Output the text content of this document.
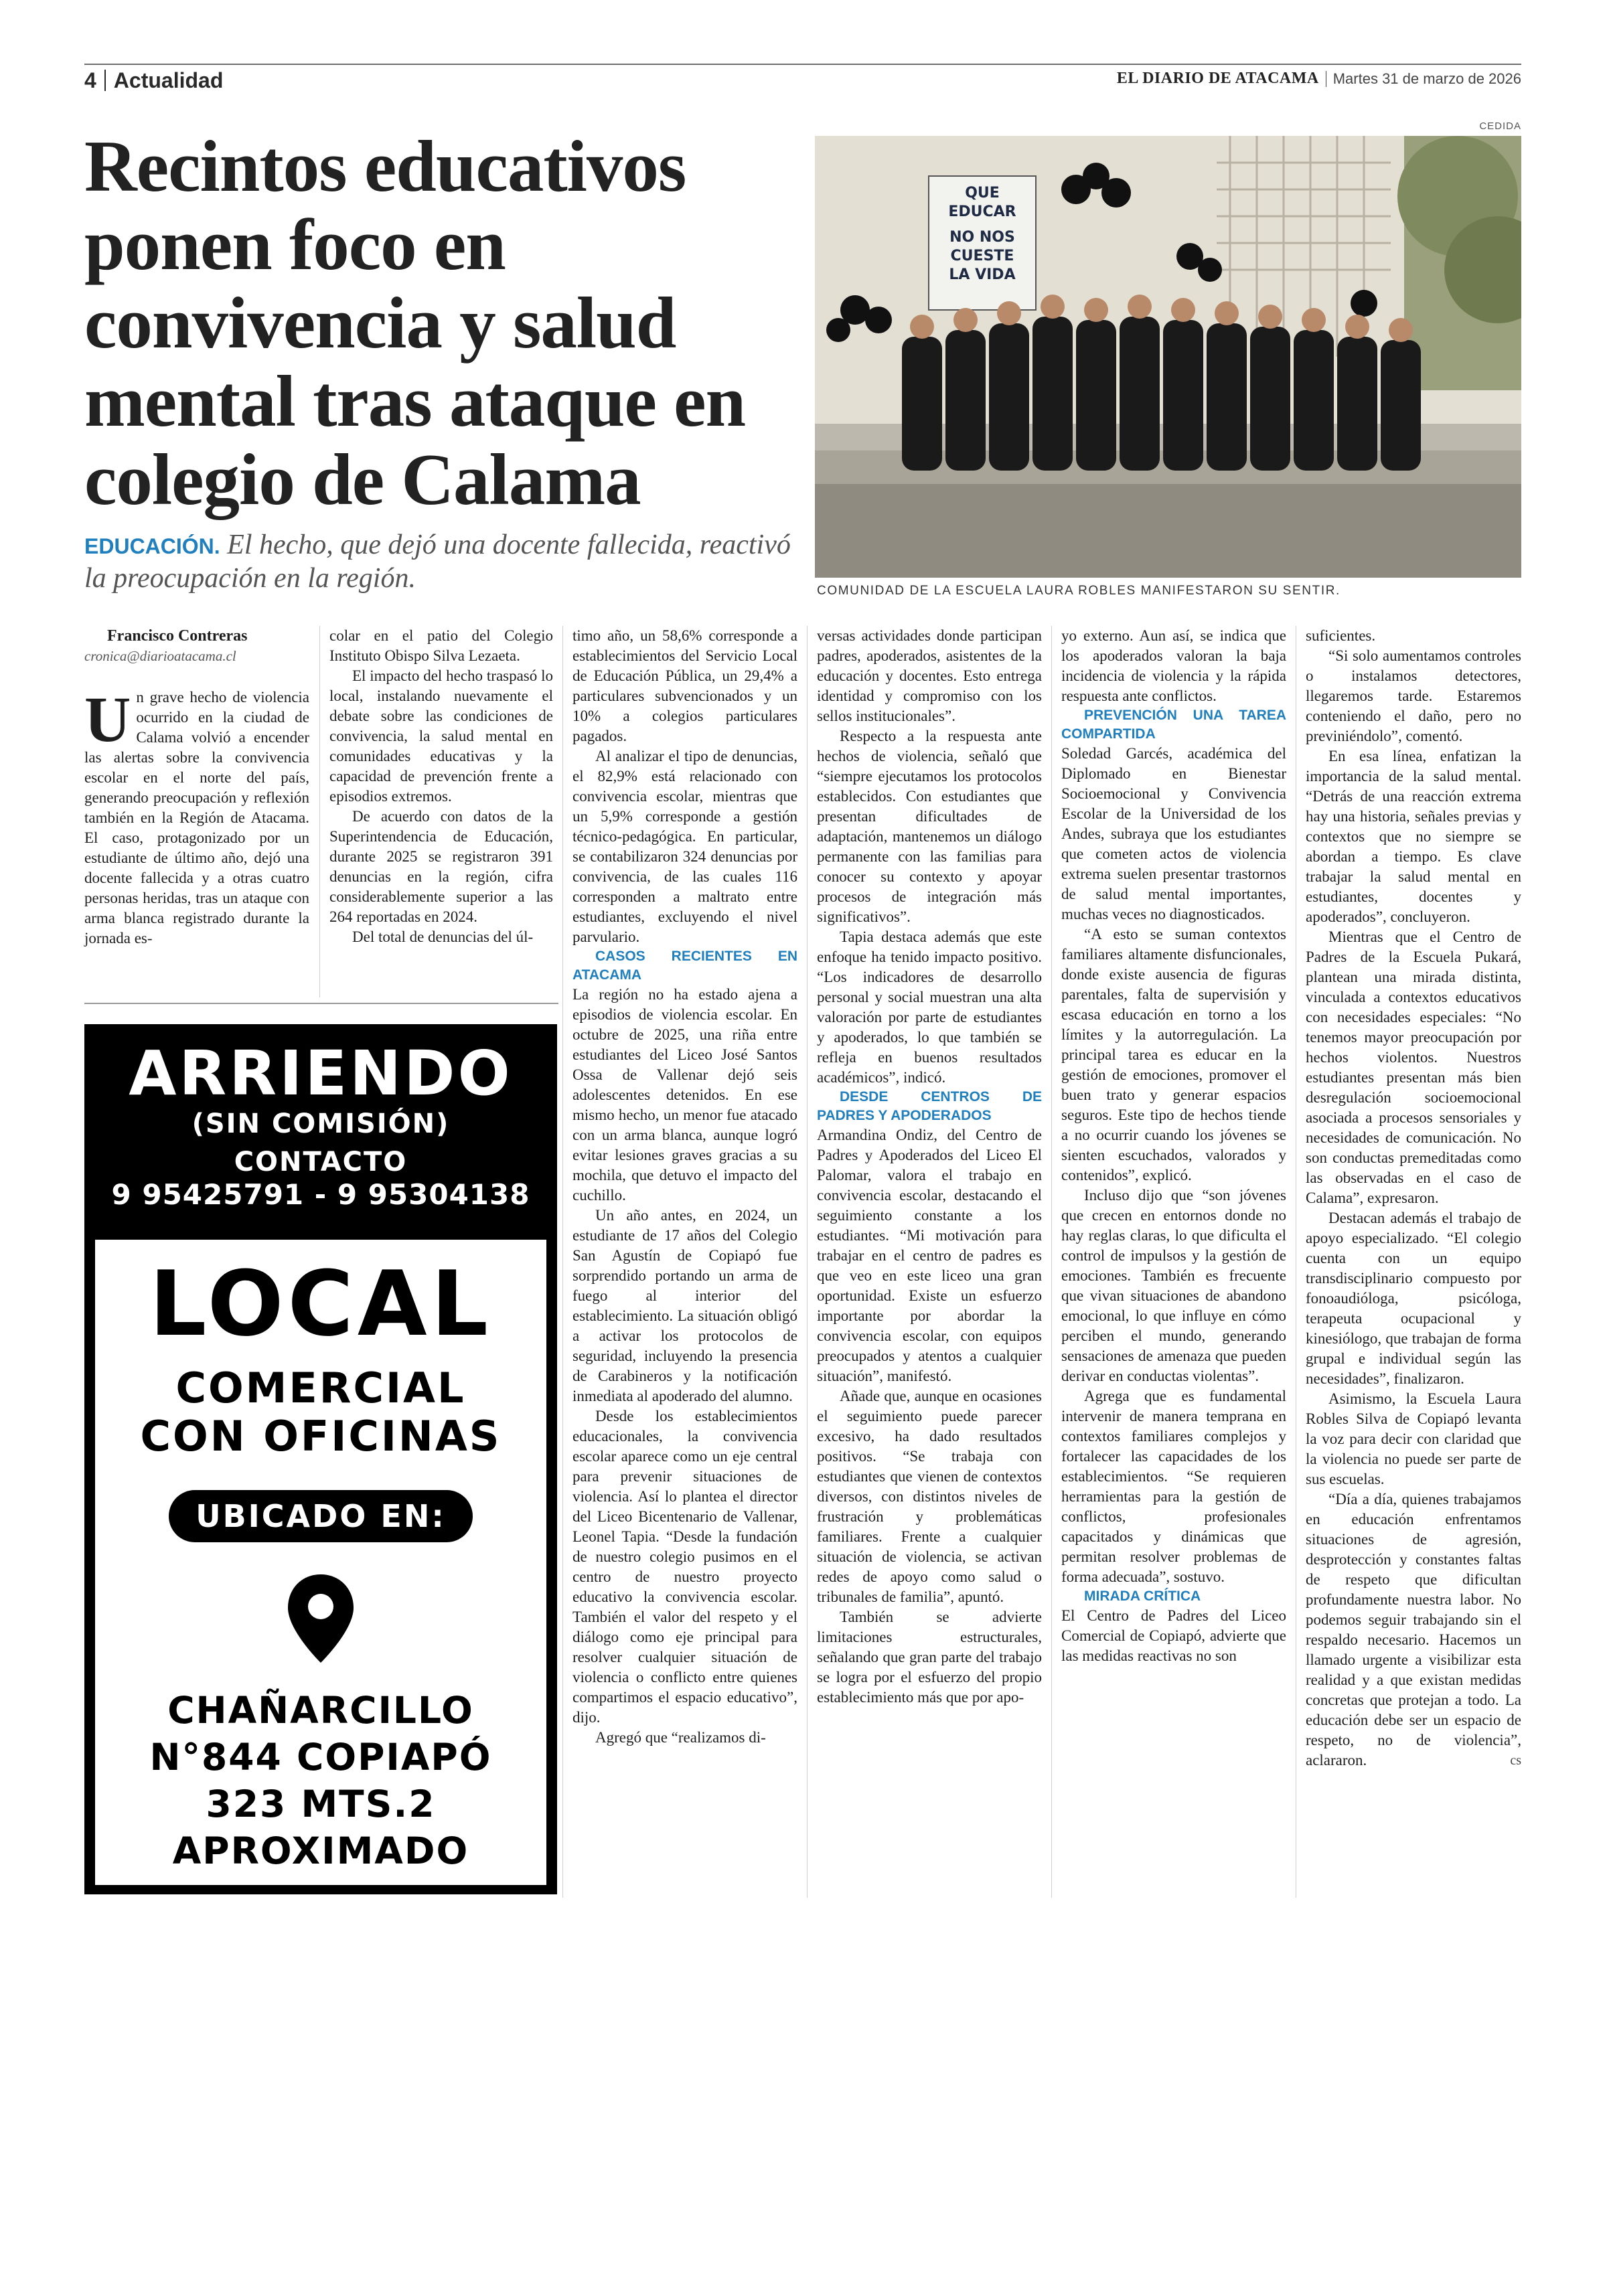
4 Actualidad	EL DIARIO DE ATACAMA Martes 31 de marzo de 2026
Recintos educativos ponen foco en convivencia y salud mental tras ataque en colegio de Calama
EDUCACIÓN. El hecho, que dejó una docente fallecida, reactivó la preocupación en la región.
CEDIDA
QUE
EDUCAR
NO NOS
CUESTE
LA VIDA
COMUNIDAD DE LA ESCUELA LAURA ROBLES MANIFESTARON SU SENTIR.

Francisco Contreras

cronica@diarioatacama.cl

Un grave hecho de violencia ocurrido en la ciudad de Calama volvió a encender las alertas sobre la convivencia escolar en el norte del país, generando preocupación y reflexión también en la Región de Atacama. El caso, protagonizado por un estudiante de último año, dejó una docente fallecida y a otras cuatro personas heridas, tras un ataque con arma blanca registrado durante la jornada es-

colar en el patio del Colegio Instituto Obispo Silva Lezaeta.

El impacto del hecho traspasó lo local, instalando nuevamente el debate sobre las condiciones de convivencia, la salud mental en comunidades educativas y la capacidad de prevención frente a episodios extremos.

De acuerdo con datos de la Superintendencia de Educación, durante 2025 se registraron 391 denuncias en la región, cifra considerablemente superior a las 264 reportadas en 2024.

Del total de denuncias del úl-

timo año, un 58,6% corresponde a establecimientos del Servicio Local de Educación Pública, un 29,4% a particulares subvencionados y un 10% a colegios particulares pagados.

Al analizar el tipo de denuncias, el 82,9% está relacionado con convivencia escolar, mientras que un 5,9% corresponde a gestión técnico-pedagógica. En particular, se contabilizaron 324 denuncias por convivencia, de las cuales 116 corresponden a maltrato entre estudiantes, excluyendo el nivel parvulario.

CASOS RECIENTES EN ATACAMA

La región no ha estado ajena a episodios de violencia escolar. En octubre de 2025, una riña entre estudiantes del Liceo José Santos Ossa de Vallenar dejó seis adolescentes detenidos. En ese mismo hecho, un menor fue atacado con un arma blanca, aunque logró evitar lesiones graves gracias a su mochila, que detuvo el impacto del cuchillo.

Un año antes, en 2024, un estudiante de 17 años del Colegio San Agustín de Copiapó fue sorprendido portando un arma de fuego al interior del establecimiento. La situación obligó a activar los protocolos de seguridad, incluyendo la presencia de Carabineros y la notificación inmediata al apoderado del alumno.

Desde los establecimientos educacionales, la convivencia escolar aparece como un eje central para prevenir situaciones de violencia. Así lo plantea el director del Liceo Bicentenario de Vallenar, Leonel Tapia. “Desde la fundación de nuestro colegio pusimos en el centro de nuestro proyecto educativo la convivencia escolar. También el valor del respeto y el diálogo como eje principal para resolver cualquier situación de violencia o conflicto entre quienes compartimos el espacio educativo”, dijo.

Agregó que “realizamos di-

versas actividades donde participan padres, apoderados, asistentes de la educación y docentes. Esto entrega identidad y compromiso con los sellos institucionales”.

Respecto a la respuesta ante hechos de violencia, señaló que “siempre ejecutamos los protocolos establecidos. Con estudiantes que presentan dificultades de adaptación, mantenemos un diálogo permanente con las familias para conocer su contexto y apoyar procesos de integración más significativos”.

Tapia destaca además que este enfoque ha tenido impacto positivo. “Los indicadores de desarrollo personal y social muestran una alta valoración por parte de estudiantes y apoderados, lo que también se refleja en buenos resultados académicos”, indicó.

DESDE CENTROS DE PADRES Y APODERADOS

Armandina Ondiz, del Centro de Padres y Apoderados del Liceo El Palomar, valora el trabajo en convivencia escolar, destacando el seguimiento constante a los estudiantes. “Mi motivación para trabajar en el centro de padres es que veo en este liceo una gran oportunidad. Existe un esfuerzo importante por abordar la convivencia escolar, con equipos preocupados y atentos a cualquier situación”, manifestó.

Añade que, aunque en ocasiones el seguimiento puede parecer excesivo, ha dado resultados positivos. “Se trabaja con estudiantes que vienen de contextos diversos, con distintos niveles de frustración y problemáticas familiares. Frente a cualquier situación de violencia, se activan redes de apoyo como salud o tribunales de familia”, apuntó.

También se advierte limitaciones estructurales, señalando que gran parte del trabajo se logra por el esfuerzo del propio establecimiento más que por apo-

yo externo. Aun así, se indica que los apoderados valoran la baja incidencia de violencia y la rápida respuesta ante conflictos.

PREVENCIÓN UNA TAREA COMPARTIDA

Soledad Garcés, académica del Diplomado en Bienestar Socioemocional y Convivencia Escolar de la Universidad de los Andes, subraya que los estudiantes que cometen actos de violencia extrema suelen presentar trastornos de salud mental importantes, muchas veces no diagnosticados.

“A esto se suman contextos familiares altamente disfuncionales, donde existe ausencia de figuras parentales, falta de supervisión y escasa educación en torno a los límites y la autorregulación. La principal tarea es educar en la gestión de emociones, promover el buen trato y generar espacios seguros. Este tipo de hechos tiende a no ocurrir cuando los jóvenes se sienten escuchados, valorados y contenidos”, explicó.

Incluso dijo que “son jóvenes que crecen en entornos donde no hay reglas claras, lo que dificulta el control de impulsos y la gestión de emociones. También es frecuente que vivan situaciones de abandono emocional, lo que influye en cómo perciben el mundo, generando sensaciones de amenaza que pueden derivar en conductas violentas”.

Agrega que es fundamental intervenir de manera temprana en contextos familiares complejos y fortalecer las capacidades de los establecimientos. “Se requieren herramientas para la gestión de conflictos, profesionales capacitados y dinámicas que permitan resolver problemas de forma adecuada”, sostuvo.

MIRADA CRÍTICA

El Centro de Padres del Liceo Comercial de Copiapó, advierte que las medidas reactivas no son

suficientes.

“Si solo aumentamos controles o instalamos detectores, llegaremos tarde. Estaremos conteniendo el daño, pero no previniéndolo”, comentó.

En esa línea, enfatizan la importancia de la salud mental. “Detrás de una reacción extrema hay una historia, señales previas y contextos que no siempre se abordan a tiempo. Es clave trabajar la salud mental en estudiantes, docentes y apoderados”, concluyeron.

Mientras que el Centro de Padres de la Escuela Pukará, plantean una mirada distinta, vinculada a contextos educativos con necesidades especiales: “No tenemos mayor preocupación por hechos violentos. Nuestros estudiantes presentan más bien desregulación socioemocional asociada a procesos sensoriales y necesidades de comunicación. No son conductas premeditadas como las observadas en el caso de Calama”, expresaron.

Destacan además el trabajo de apoyo especializado. “El colegio cuenta con un equipo transdisciplinario compuesto por fonoaudióloga, psicóloga, terapeuta ocupacional y kinesiólogo, que trabajan de forma grupal e individual según las necesidades”, finalizaron.

Asimismo, la Escuela Laura Robles Silva de Copiapó levanta la voz para decir con claridad que la violencia no puede ser parte de sus escuelas.

“Día a día, quienes trabajamos en educación enfrentamos situaciones de agresión, desprotección y constantes faltas de respeto que dificultan profundamente nuestra labor. No podemos seguir trabajando sin el respaldo necesario. Hacemos un llamado urgente a visibilizar esta realidad y a que existan medidas concretas que protejan a todo. La educación debe ser un espacio de respeto, no de violencia”, aclararon.	cs

ARRIENDO
(SIN COMISIÓN)
CONTACTO
9 95425791 - 9 95304138
LOCAL
COMERCIAL
CON OFICINAS
UBICADO EN:
CHAÑARCILLO
N°844 COPIAPÓ
323 MTS.2
APROXIMADO
